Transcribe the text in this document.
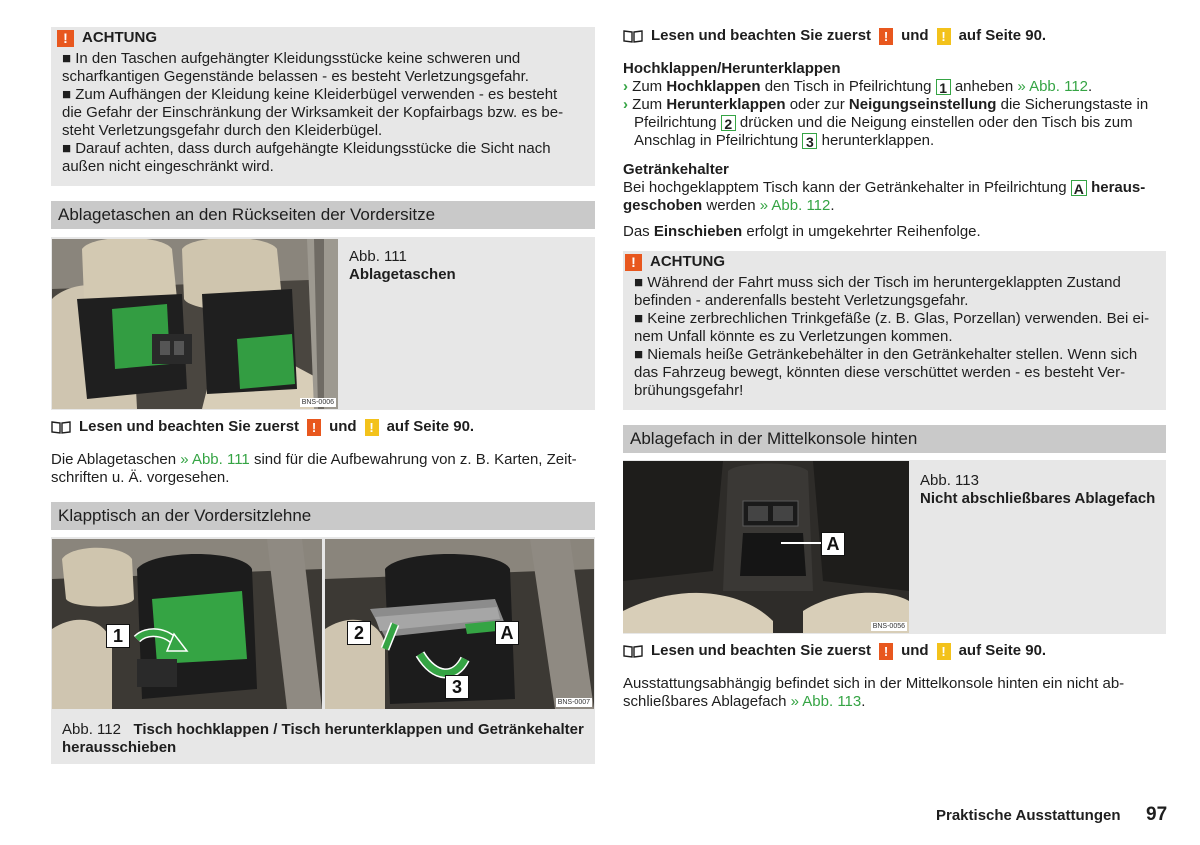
! ACHTUNG
■ In den Taschen aufgehängter Kleidungsstücke keine schweren und
scharfkantigen Gegenstände belassen - es besteht Verletzungsgefahr.
■ Zum Aufhängen der Kleidung keine Kleiderbügel verwenden - es besteht
die Gefahr der Einschränkung der Wirksamkeit der Kopfairbags bzw. es be-
steht Verletzungsgefahr durch den Kleiderbügel.
■ Darauf achten, dass durch aufgehängte Kleidungsstücke die Sicht nach
außen nicht eingeschränkt wird.
Ablagetaschen an den Rückseiten der Vordersitze
BNS-0006
Abb. 111
Ablagetaschen
Lesen und beachten Sie zuerst ! und ! auf Seite 90.
Die Ablagetaschen » Abb. 111 sind für die Aufbewahrung von z. B. Karten, Zeit-
schriften u. Ä. vorgesehen.
Klapptisch an der Vordersitzlehne
1	2	A
3
BNS-0007
Abb. 112 Tisch hochklappen / Tisch herunterklappen und Getränkehalter
herausschieben
Lesen und beachten Sie zuerst ! und ! auf Seite 90.
Hochklappen/Herunterklappen
› Zum Hochklappen den Tisch in Pfeilrichtung 1 anheben » Abb. 112.
› Zum Herunterklappen oder zur Neigungseinstellung die Sicherungstaste in
Pfeilrichtung 2 drücken und die Neigung einstellen oder den Tisch bis zum
Anschlag in Pfeilrichtung 3 herunterklappen.
Getränkehalter
Bei hochgeklapptem Tisch kann der Getränkehalter in Pfeilrichtung A heraus-
geschoben werden » Abb. 112.
Das Einschieben erfolgt in umgekehrter Reihenfolge.
! ACHTUNG
■ Während der Fahrt muss sich der Tisch im heruntergeklappten Zustand
befinden - anderenfalls besteht Verletzungsgefahr.
■ Keine zerbrechlichen Trinkgefäße (z. B. Glas, Porzellan) verwenden. Bei ei-
nem Unfall könnte es zu Verletzungen kommen.
■ Niemals heiße Getränkebehälter in den Getränkehalter stellen. Wenn sich
das Fahrzeug bewegt, könnten diese verschüttet werden - es besteht Ver-
brühungsgefahr!
Ablagefach in der Mittelkonsole hinten
A
BNS-0056
Abb. 113
Nicht abschließbares Ablagefach
Lesen und beachten Sie zuerst ! und ! auf Seite 90.
Ausstattungsabhängig befindet sich in der Mittelkonsole hinten ein nicht ab-
schließbares Ablagefach » Abb. 113.
Praktische Ausstattungen 97
